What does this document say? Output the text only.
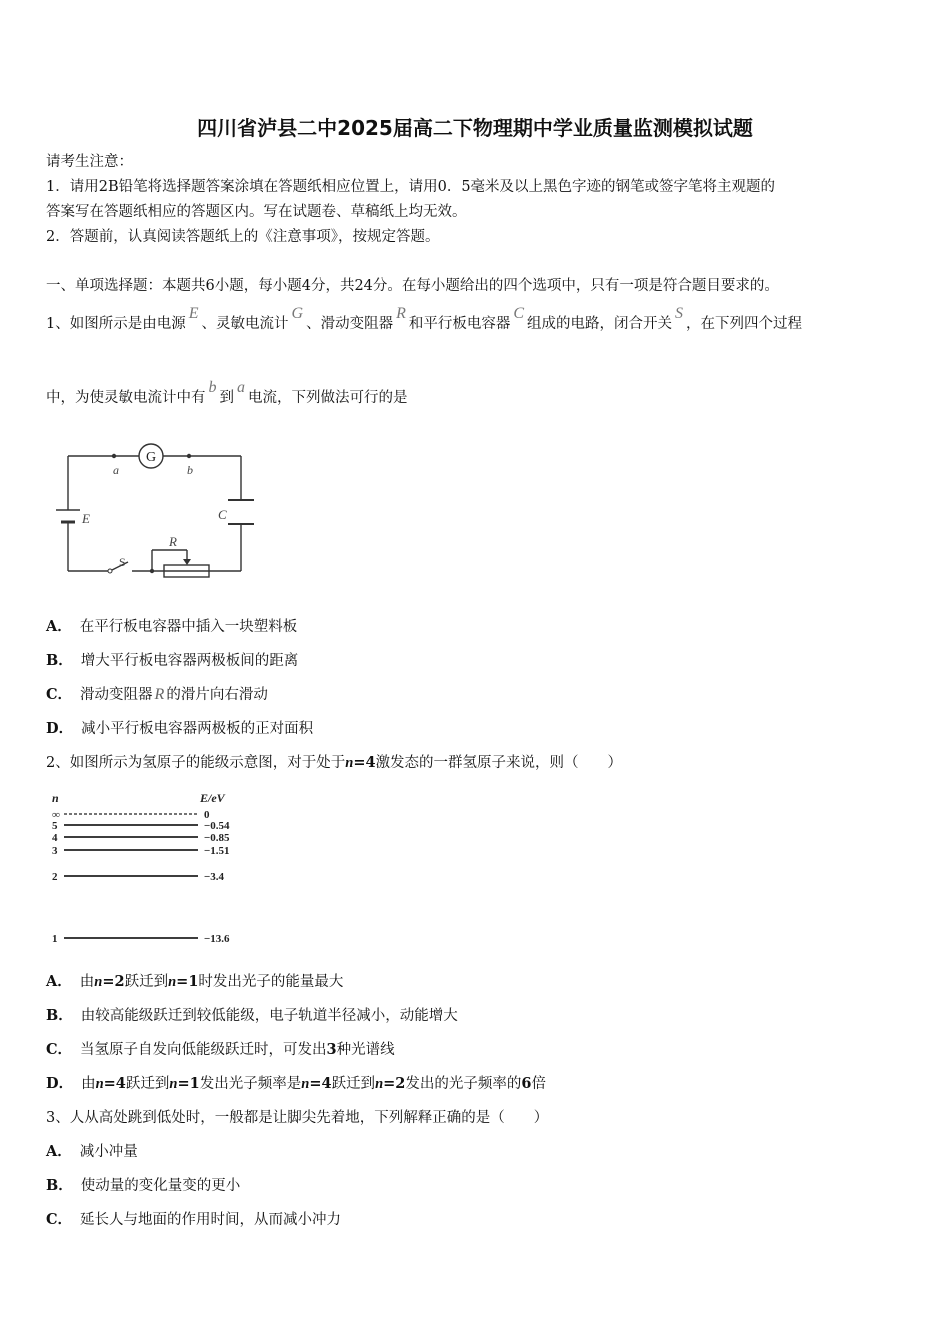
四川省泸县二中2025届高二下物理期中学业质量监测模拟试题
请考生注意：
1．请用2B铅笔将选择题答案涂填在答题纸相应位置上，请用0．5毫米及以上黑色字迹的钢笔或签字笔将主观题的
答案写在答题纸相应的答题区内。写在试题卷、草稿纸上均无效。
2．答题前，认真阅读答题纸上的《注意事项》，按规定答题。
一、单项选择题：本题共6小题，每小题4分，共24分。在每小题给出的四个选项中，只有一项是符合题目要求的。
1、如图所示是由电源E、灵敏电流计G、滑动变阻器R和平行板电容器C组成的电路，闭合开关S，在下列四个过程
中，为使灵敏电流计中有b到a电流，下列做法可行的是
G
a	b
E	C
R
S
A． 在平行板电容器中插入一块塑料板
B． 增大平行板电容器两极板间的距离
C． 滑动变阻器 R 的滑片向右滑动
D． 减小平行板电容器两极板的正对面积
2、如图所示为氢原子的能级示意图，对于处于n=4激发态的一群氢原子来说，则（　　）
n	E/eV
∞	0
5	−0.54
4	−0.85
3	−1.51
2	−3.4
1	−13.6
A． 由n=2跃迁到n=1时发出光子的能量最大
B． 由较高能级跃迁到较低能级，电子轨道半径减小，动能增大
C． 当氢原子自发向低能级跃迁时，可发出3种光谱线
D． 由n=4跃迁到n=1发出光子频率是n=4跃迁到n=2发出的光子频率的6倍
3、人从高处跳到低处时，一般都是让脚尖先着地，下列解释正确的是（　　）
A． 减小冲量
B． 使动量的变化量变的更小
C． 延长人与地面的作用时间，从而减小冲力
